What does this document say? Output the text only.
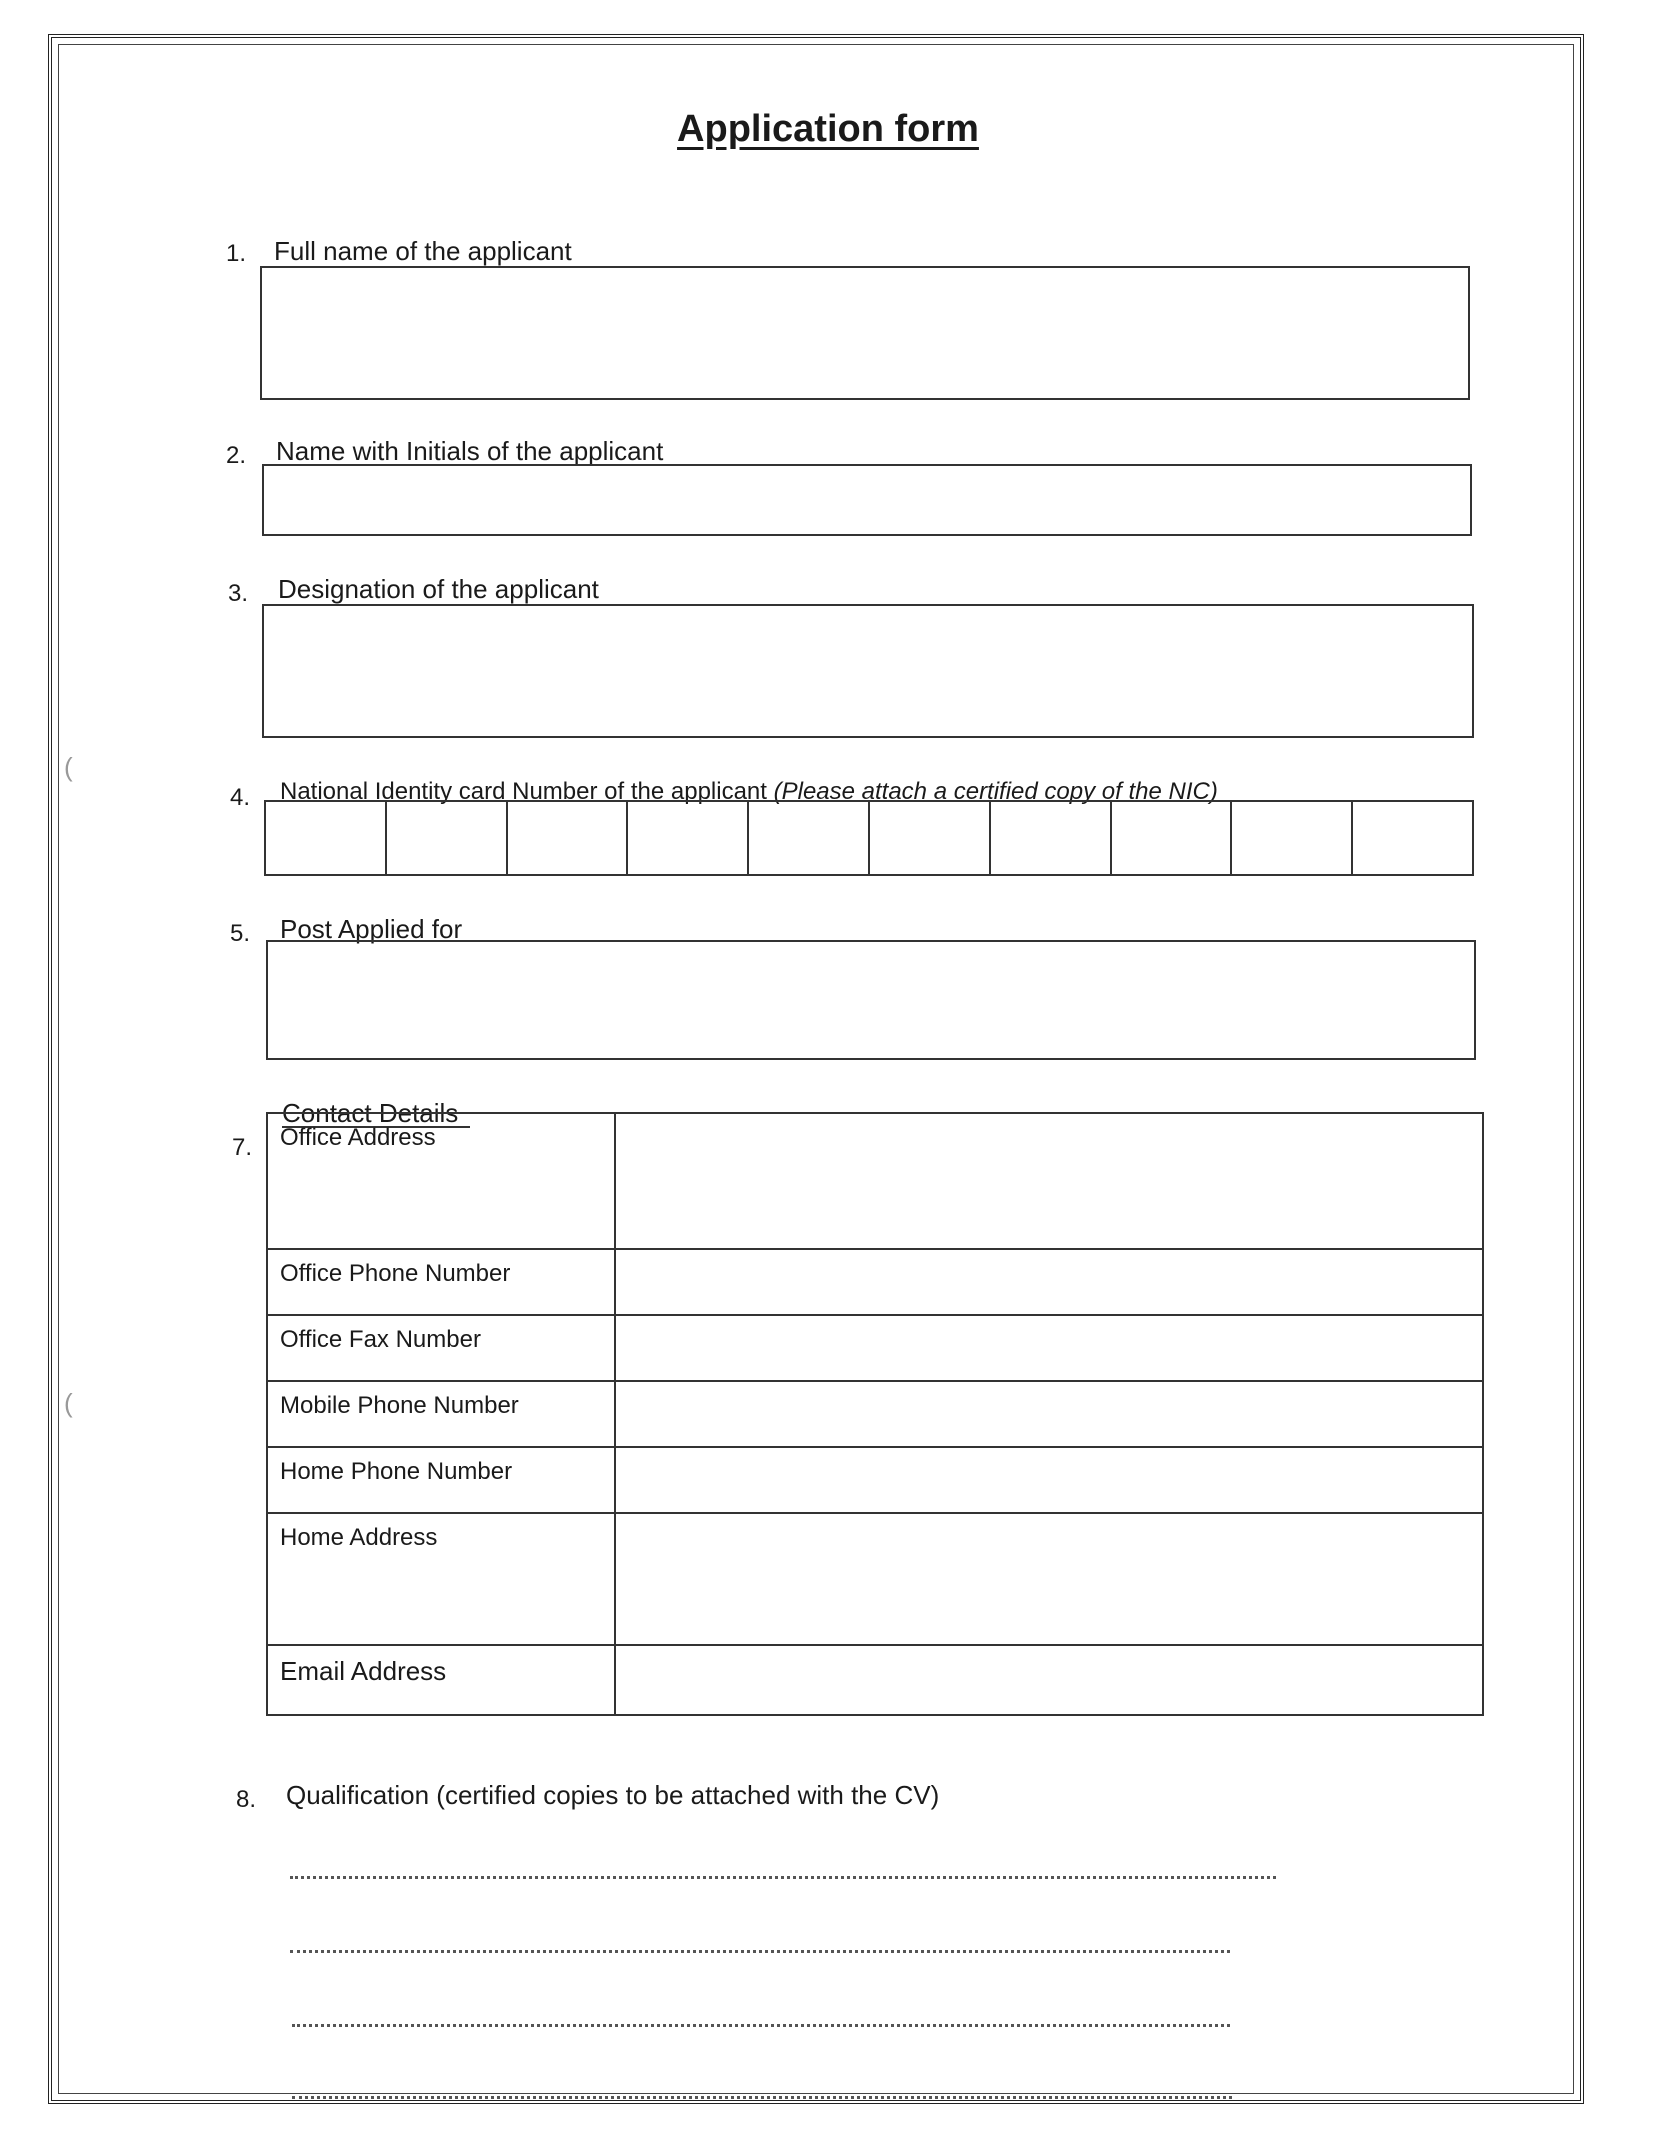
(
(
Application form
1. Full name of the applicant
2. Name with Initials of the applicant
3. Designation of the applicant
4. National Identity card Number of the applicant (Please attach a certified copy of the NIC)
5. Post Applied for
Contact Details
7. Office Address	
Office Phone Number	
Office Fax Number	
Mobile Phone Number	
Home Phone Number	
Home Address	
Email Address	
8. Qualification (certified copies to be attached with the CV)
